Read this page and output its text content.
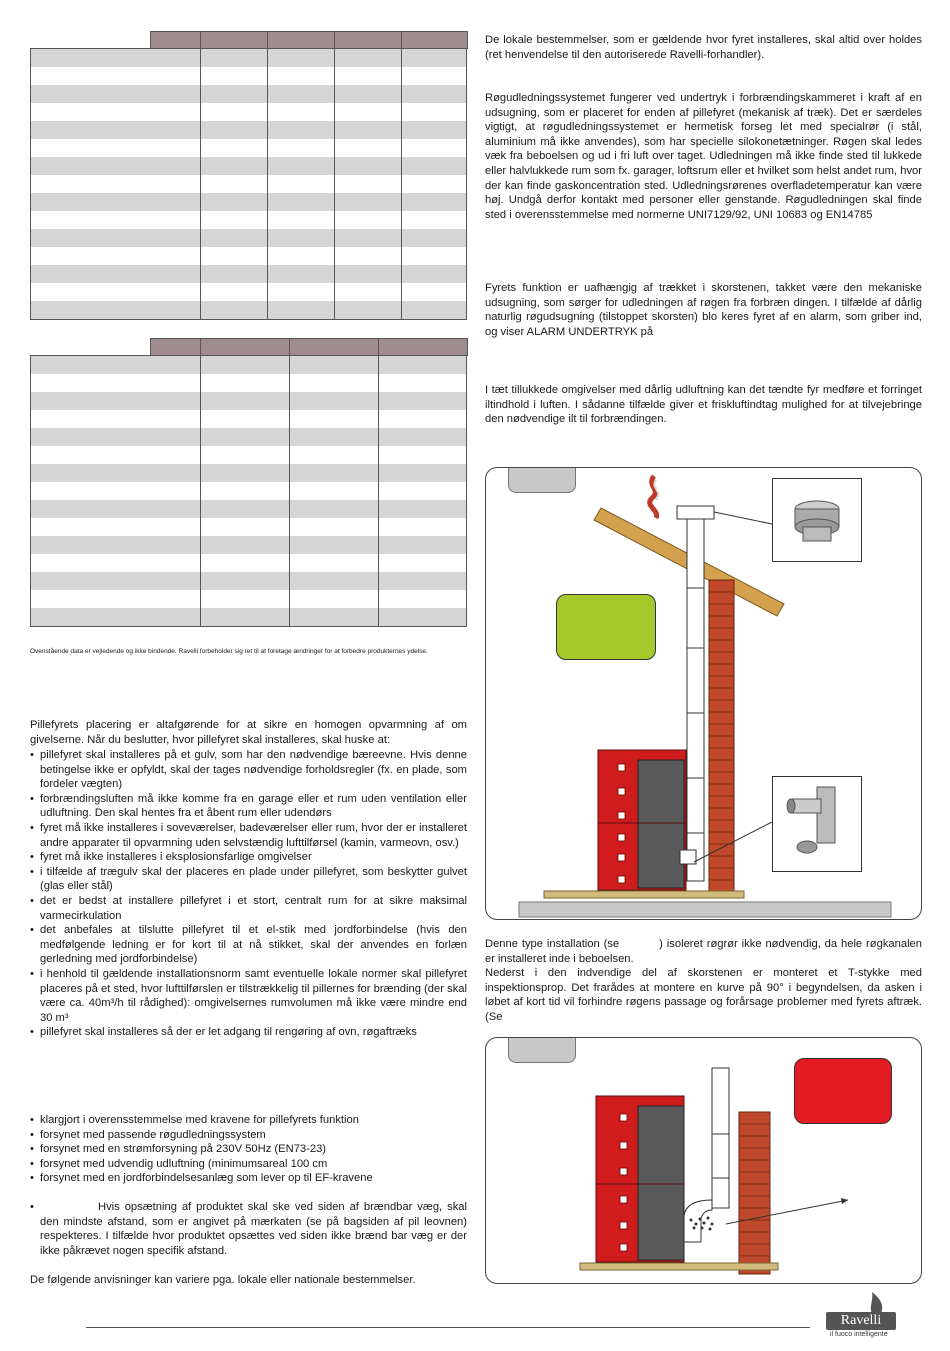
Ovenstående data er vejledende og ikke bindende. Ravelli forbeholder sig ret til at foretage ændringer for at forbedre produkternes ydelse.
Pillefyrets placering er altafgørende for at sikre en homogen opvarmning af om givelserne. Når du beslutter, hvor pillefyret skal installeres, skal huske at:
• pillefyret skal installeres på et gulv, som har den nødvendige bæreevne. Hvis denne betingelse ikke er opfyldt, skal der tages nødvendige forholdsregler (fx. en plade, som fordeler vægten)
• forbrændingsluften må ikke komme fra en garage eller et rum uden ventilation eller udluftning. Den skal hentes fra et åbent rum eller udendørs
• fyret må ikke installeres i soveværelser, badeværelser eller rum, hvor der er installeret andre apparater til opvarmning uden selvstændig lufttilførsel (kamin, varmeovn, osv.)
• fyret må ikke installeres i eksplosionsfarlige omgivelser
• i tilfælde af trægulv skal der placeres en plade under pillefyret, som beskytter gulvet (glas eller stål)
• det er bedst at installere pillefyret i et stort, centralt rum for at sikre maksimal varmecirkulation
• det anbefales at tilslutte pillefyret til et el-stik med jordforbindelse (hvis den medfølgende ledning er for kort til at nå stikket, skal der anvendes en forlæn gerledning med jordforbindelse)
• i henhold til gældende installationsnorm samt eventuelle lokale normer skal pillefyret placeres på et sted, hvor lufttilførslen er tilstrækkelig til pillernes for brænding (der skal være ca. 40m³/h til rådighed): omgivelsernes rumvolumen må ikke være mindre end 30 m³
• pillefyret skal installeres så der er let adgang til rengøring af ovn, røgaftræks
• klargjort i overensstemmelse med kravene for pillefyrets funktion
• forsynet med passende røgudledningssystem
• forsynet med en strømforsyning på 230V 50Hz (EN73-23)
• forsynet med udvendig udluftning (minimumsareal 100 cm
• forsynet med en jordforbindelsesanlæg som lever op til EF-kravene
•	Hvis opsætning af produktet skal ske ved siden af brændbar væg, skal den mindste afstand, som er angivet på mærkaten (se på bagsiden af pil leovnen) respekteres. I tilfælde hvor produktet opsættes ved siden ikke brænd bar væg er der ikke påkrævet nogen specifik afstand.
De følgende anvisninger kan variere pga. lokale eller nationale bestemmelser.
De lokale bestemmelser, som er gældende hvor fyret installeres, skal altid over holdes (ret henvendelse til den autoriserede Ravelli-forhandler).
Røgudledningssystemet fungerer ved undertryk i forbrændingskammeret i kraft af en udsugning, som er placeret for enden af pillefyret (mekanisk af træk). Det er særdeles vigtigt, at røgudledningssystemet er hermetisk forseg let med specialrør (i stål, aluminium må ikke anvendes), som har specielle silokonetætninger. Røgen skal ledes væk fra beboelsen og ud i fri luft over taget. Udledningen må ikke finde sted til lukkede eller halvlukkede rum som fx. garager, loftsrum eller et hvilket som helst andet rum, hvor der kan finde gaskoncentration sted. Udledningsrørenes overfladetemperatur kan være høj. Undgå derfor kontakt med personer eller genstande. Røgudledningen skal finde sted i overensstemmelse med normerne UNI7129/92, UNI 10683 og EN14785
Fyrets funktion er uafhængig af trækket i skorstenen, takket være den mekaniske udsugning, som sørger for udledningen af røgen fra forbræn dingen. I tilfælde af dårlig naturlig røgudsugning (tilstoppet skorsten) blo keres fyret af en alarm, som griber ind, og viser ALARM UNDERTRYK på
I tæt tillukkede omgivelser med dårlig udluftning kan det tændte fyr medføre et forringet iltindhold i luften. I sådanne tilfælde giver et friskluftindtag mulighed for at tilvejebringe den nødvendige ilt til forbrændingen.
Denne type installation (se	) isoleret røgrør ikke nødvendig, da hele røgkanalen er installeret inde i beboelsen.
Nederst i den indvendige del af skorstenen er monteret et T-stykke med inspektionsprop. Det frarådes at montere en kurve på 90° i begyndelsen, da asken i løbet af kort tid vil forhindre røgens passage og forårsage problemer med fyrets aftræk. (Se
Ravelli
il fuoco intelligente
